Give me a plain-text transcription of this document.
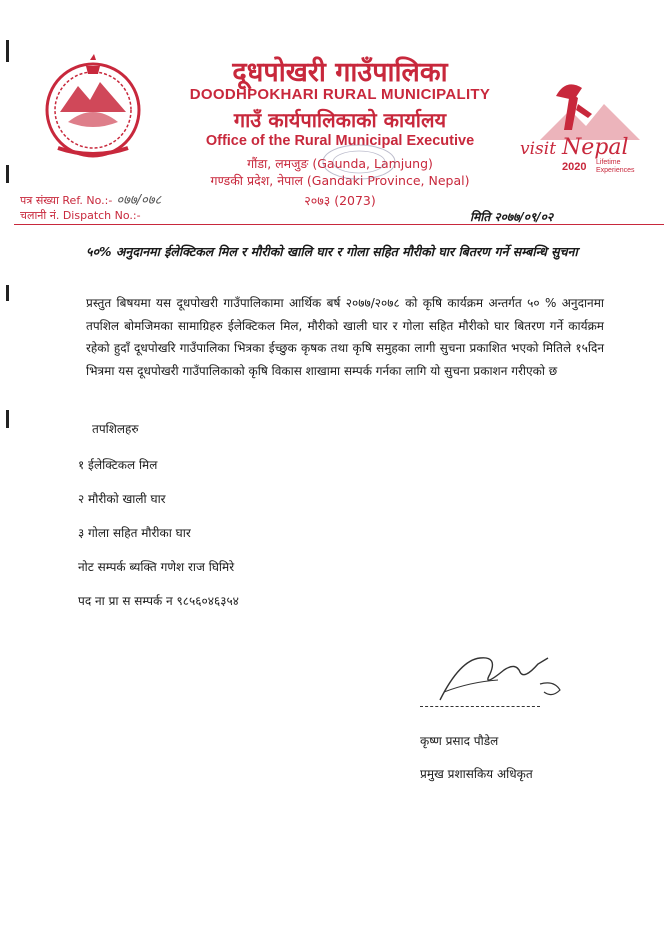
दूधपोखरी गाउँपालिका
DOODHPOKHARI RURAL MUNICIPALITY
गाउँ कार्यपालिकाको कार्यालय
Office of the Rural Municipal Executive
गौंडा, लमजुङ (Gaunda, Lamjung)
गण्डकी प्रदेश, नेपाल (Gandaki Province, Nepal)
२०७३ (2073)
visit Nepal
2020 Lifetime
Experiences
पत्र संख्या Ref. No.:- ०७७/०७८
चलानी नं. Dispatch No.:-	मिति २०७७/०९/०२
५०% अनुदानमा ईलेक्टिकल मिल र मौरीको खालि घार र गोला सहित मौरीको घार बितरण गर्ने सम्बन्धि सुचना
प्रस्तुत बिषयमा यस दूधपोखरी गाउँपालिकामा आर्थिक बर्ष २०७७/२०७८ को कृषि कार्यक्रम अन्तर्गत ५० % अनुदानमा तपशिल बोमजिमका सामाग्रिहरु ईलेक्टिकल मिल, मौरीको खाली घार र गोला सहित मौरीको घार बितरण गर्ने कार्यक्रम रहेको हुदाँ दूधपोखरि गाउँपालिका भित्रका ईच्छुक कृषक तथा कृषि समुहका लागी सुचना प्रकाशित भएको मितिले १५दिन भित्रमा यस दूधपोखरी गाउँपालिकाको कृषि विकास शाखामा सम्पर्क गर्नका लागि यो सुचना प्रकाशन गरीएको छ
तपशिलहरु
१ ईलेक्टिकल मिल
२ मौरीको खाली घार
३ गोला सहित मौरीका घार
नोट सम्पर्क ब्यक्ति गणेश राज घिमिरे
पद ना प्रा स सम्पर्क न ९८५६०४६३५४
कृष्ण प्रसाद पौडेल
प्रमुख प्रशासकिय अधिकृत
